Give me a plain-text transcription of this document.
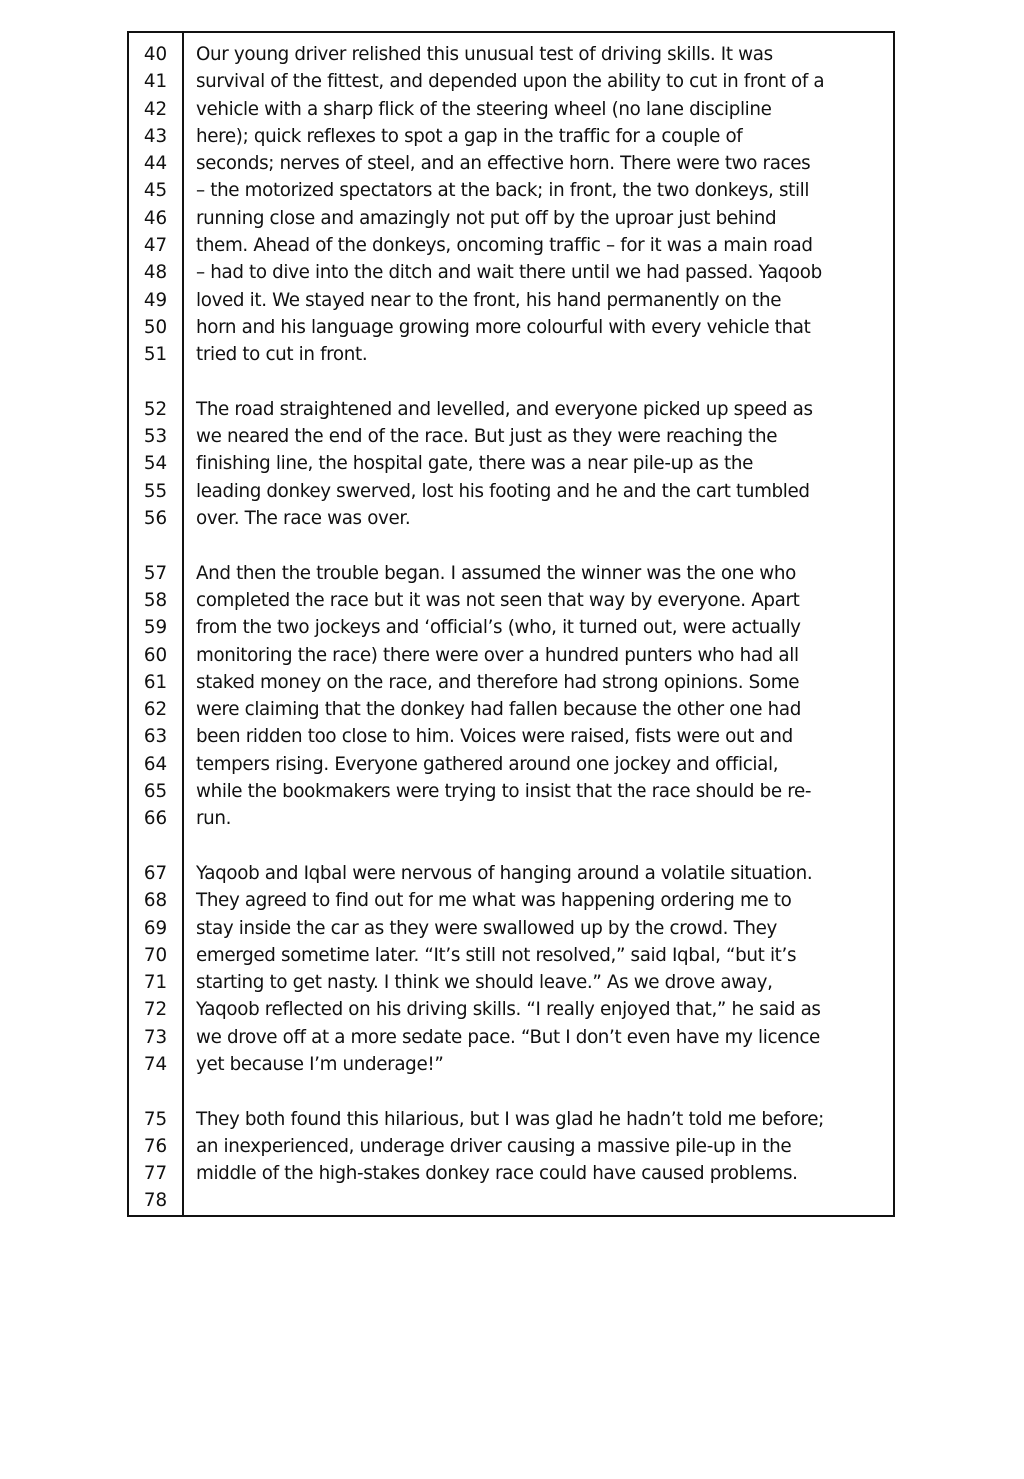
40
41
42
43
44
45
46
47
48
49
50
51
52
53
54
55
56
57
58
59
60
61
62
63
64
65
66
67
68
69
70
71
72
73
74
75
76
77
78
Our young driver relished this unusual test of driving skills. It was
survival of the fittest, and depended upon the ability to cut in front of a
vehicle with a sharp flick of the steering wheel (no lane discipline
here); quick reflexes to spot a gap in the traffic for a couple of
seconds; nerves of steel, and an effective horn. There were two races
– the motorized spectators at the back; in front, the two donkeys, still
running close and amazingly not put off by the uproar just behind
them. Ahead of the donkeys, oncoming traffic – for it was a main road
– had to dive into the ditch and wait there until we had passed. Yaqoob
loved it. We stayed near to the front, his hand permanently on the
horn and his language growing more colourful with every vehicle that
tried to cut in front.
The road straightened and levelled, and everyone picked up speed as
we neared the end of the race. But just as they were reaching the
finishing line, the hospital gate, there was a near pile-up as the
leading donkey swerved, lost his footing and he and the cart tumbled
over. The race was over.
And then the trouble began. I assumed the winner was the one who
completed the race but it was not seen that way by everyone. Apart
from the two jockeys and ‘official’s (who, it turned out, were actually
monitoring the race) there were over a hundred punters who had all
staked money on the race, and therefore had strong opinions. Some
were claiming that the donkey had fallen because the other one had
been ridden too close to him. Voices were raised, fists were out and
tempers rising. Everyone gathered around one jockey and official,
while the bookmakers were trying to insist that the race should be re-
run.
Yaqoob and Iqbal were nervous of hanging around a volatile situation.
They agreed to find out for me what was happening ordering me to
stay inside the car as they were swallowed up by the crowd. They
emerged sometime later. “It’s still not resolved,” said Iqbal, “but it’s
starting to get nasty. I think we should leave.” As we drove away,
Yaqoob reflected on his driving skills. “I really enjoyed that,” he said as
we drove off at a more sedate pace. “But I don’t even have my licence
yet because I’m underage!”
They both found this hilarious, but I was glad he hadn’t told me before;
an inexperienced, underage driver causing a massive pile-up in the
middle of the high-stakes donkey race could have caused problems.
